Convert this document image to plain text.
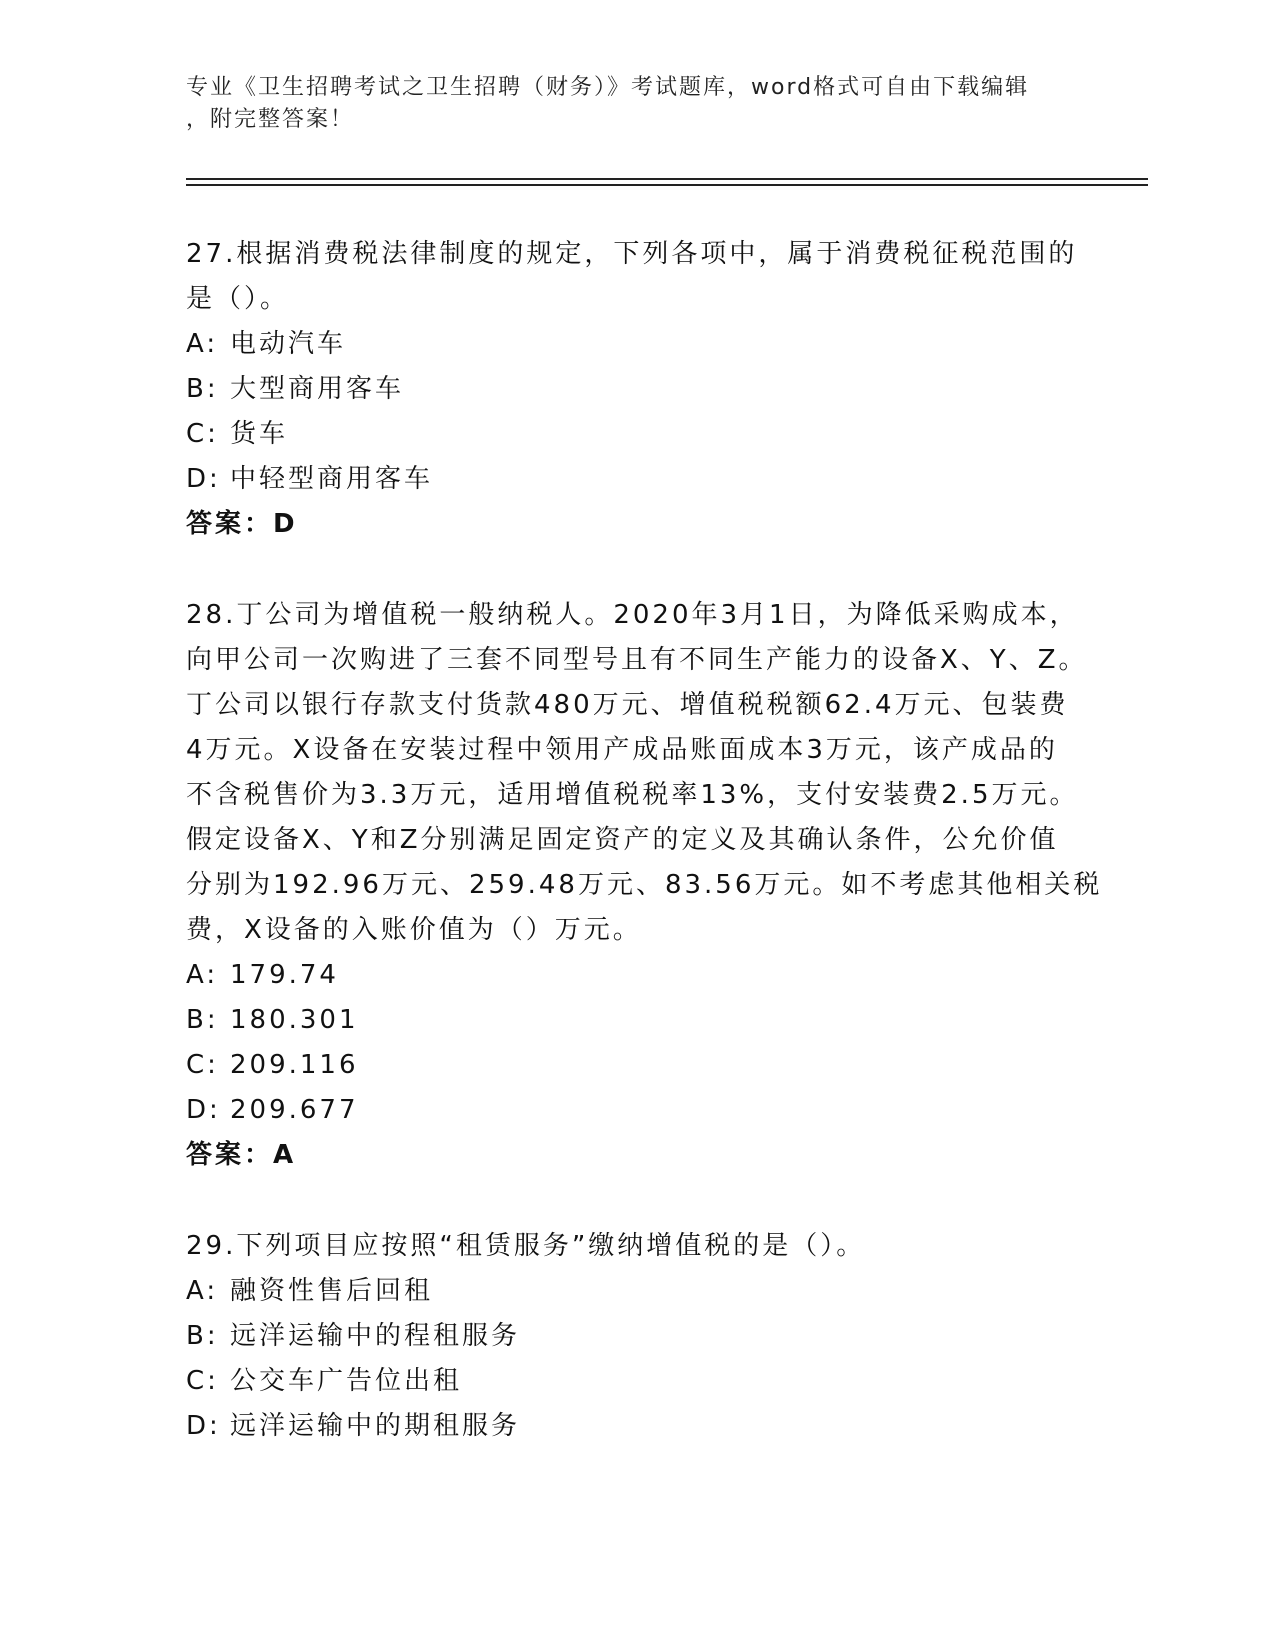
专业《卫生招聘考试之卫生招聘（财务）》考试题库，word格式可自由下载编辑
，附完整答案！
27.根据消费税法律制度的规定，下列各项中，属于消费税征税范围的
是（）。
A: 电动汽车
B: 大型商用客车
C: 货车
D: 中轻型商用客车
答案：D
28.丁公司为增值税一般纳税人。2020年3月1日，为降低采购成本，
向甲公司一次购进了三套不同型号且有不同生产能力的设备X、Y、Z。
丁公司以银行存款支付货款480万元、增值税税额62.4万元、包装费
4万元。X设备在安装过程中领用产成品账面成本3万元，该产成品的
不含税售价为3.3万元，适用增值税税率13%，支付安装费2.5万元。
假定设备X、Y和Z分别满足固定资产的定义及其确认条件，公允价值
分别为192.96万元、259.48万元、83.56万元。如不考虑其他相关税
费，X设备的入账价值为（）万元。
A: 179.74
B: 180.301
C: 209.116
D: 209.677
答案：A
29.下列项目应按照“租赁服务”缴纳增值税的是（）。
A: 融资性售后回租
B: 远洋运输中的程租服务
C: 公交车广告位出租
D: 远洋运输中的期租服务
